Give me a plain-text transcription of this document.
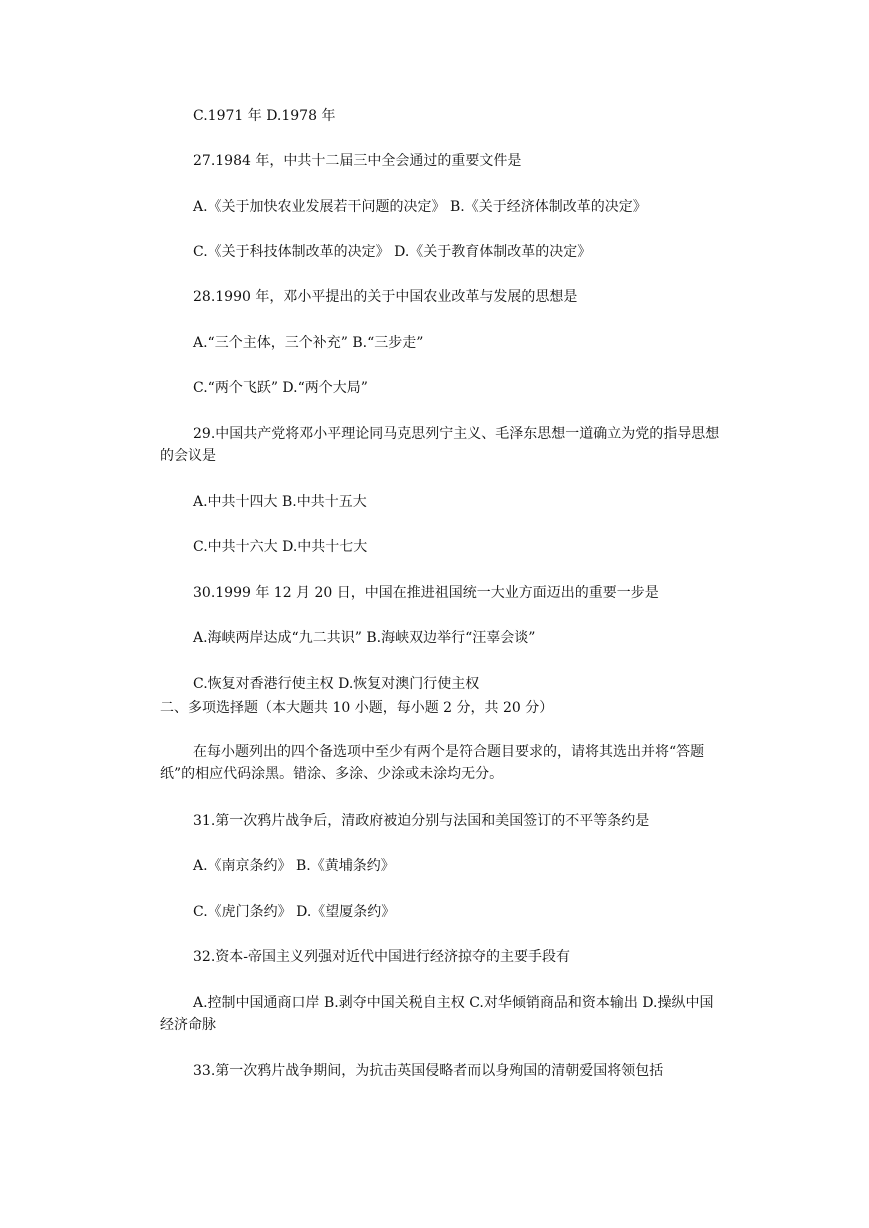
C.1971 年 D.1978 年
27.1984 年，中共十二届三中全会通过的重要文件是
A.《关于加快农业发展若干问题的决定》 B.《关于经济体制改革的决定》
C.《关于科技体制改革的决定》 D.《关于教育体制改革的决定》
28.1990 年，邓小平提出的关于中国农业改革与发展的思想是
A.“三个主体，三个补充” B.“三步走”
C.“两个飞跃” D.“两个大局”
29.中国共产党将邓小平理论同马克思列宁主义、毛泽东思想一道确立为党的指导思想的会议是
A.中共十四大 B.中共十五大
C.中共十六大 D.中共十七大
30.1999 年 12 月 20 日，中国在推进祖国统一大业方面迈出的重要一步是
A.海峡两岸达成“九二共识” B.海峡双边举行“汪辜会谈”
C.恢复对香港行使主权 D.恢复对澳门行使主权
二、多项选择题（本大题共 10 小题，每小题 2 分，共 20 分）
在每小题列出的四个备选项中至少有两个是符合题目要求的，请将其选出并将“答题纸”的相应代码涂黑。错涂、多涂、少涂或未涂均无分。
31.第一次鸦片战争后，清政府被迫分别与法国和美国签订的不平等条约是
A.《南京条约》 B.《黄埔条约》
C.《虎门条约》 D.《望厦条约》
32.资本-帝国主义列强对近代中国进行经济掠夺的主要手段有
A.控制中国通商口岸 B.剥夺中国关税自主权 C.对华倾销商品和资本输出 D.操纵中国经济命脉
33.第一次鸦片战争期间，为抗击英国侵略者而以身殉国的清朝爱国将领包括
